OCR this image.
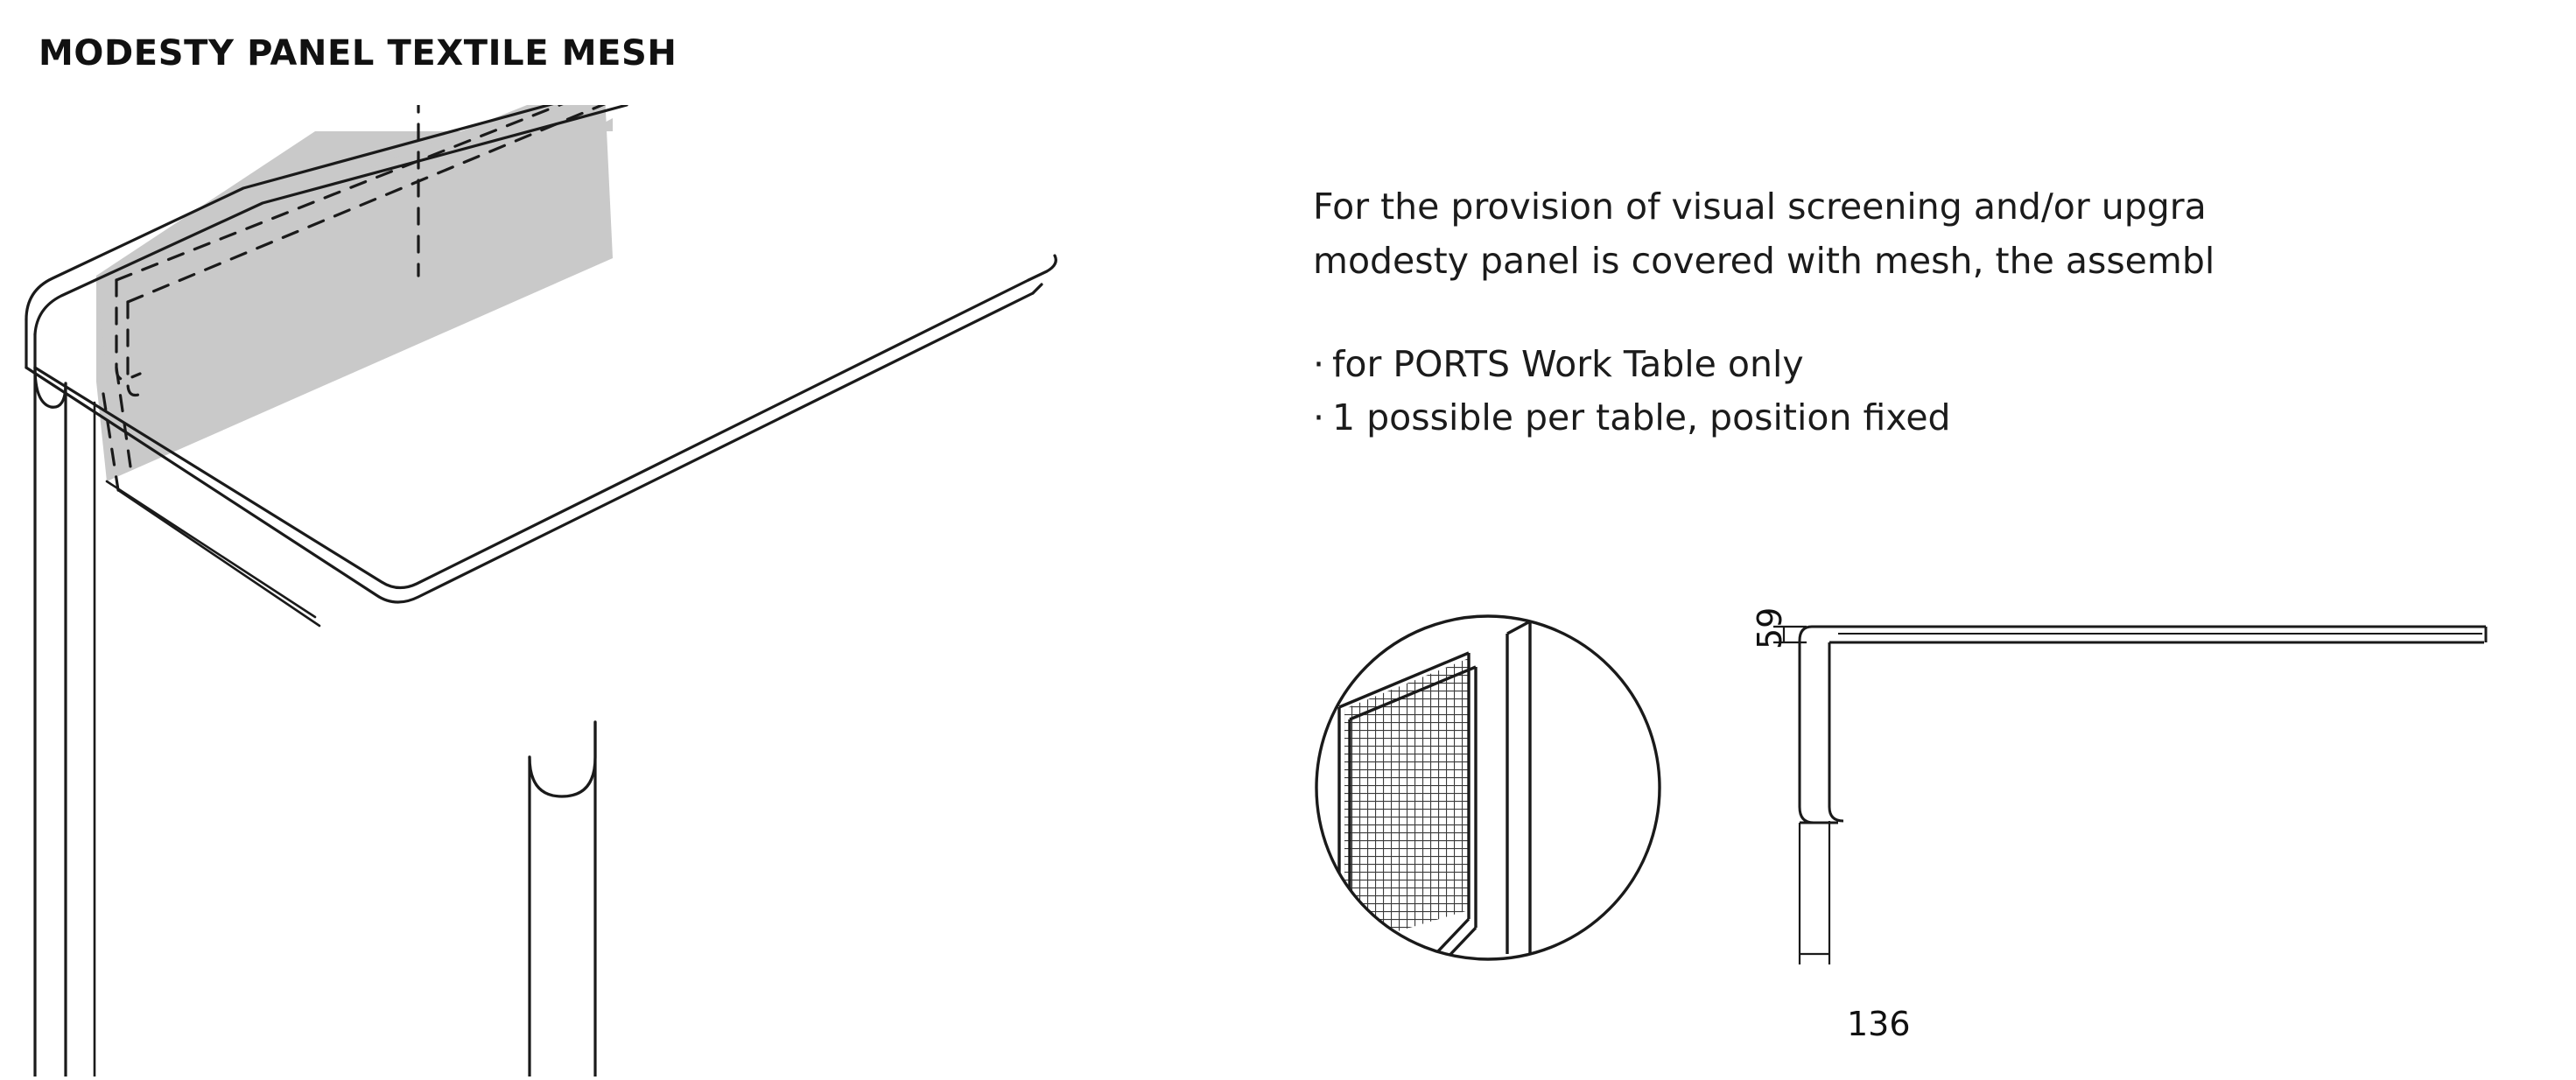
MODESTY PANEL TEXTILE MESH
For the provision of visual screening and/or upgra
modesty panel is covered with mesh, the assembl
· for PORTS Work Table only
· 1 possible per table, position fixed
59
136
